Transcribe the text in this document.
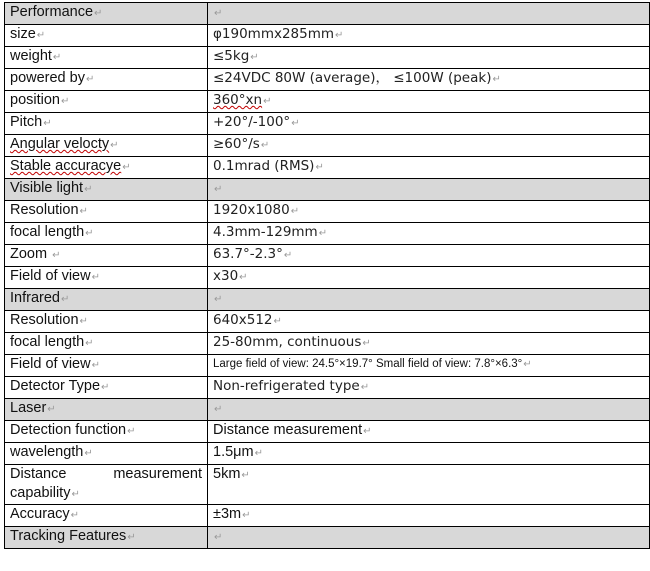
Performance↵	↵
size↵	φ190mmx285mm↵
weight↵	≤5kg↵
powered by↵	≤24VDC 80W (average)， ≤100W (peak)↵
position↵	360°xn↵
Pitch↵	+20°/-100°↵
Angular velocty↵	≥60°/s↵
Stable accuracye↵	0.1mrad (RMS)↵
Visible light↵	↵
Resolution↵	1920x1080↵
focal length↵	4.3mm-129mm↵
Zoom ↵	63.7°-2.3°↵
Field of view↵	x30↵
Infrared↵	↵
Resolution↵	640x512↵
focal length↵	25-80mm, continuous↵
Field of view↵	Large field of view: 24.5°×19.7° Small field of view: 7.8°×6.3°↵
Detector Type↵	Non-refrigerated type↵
Laser↵	↵
Detection function↵	Distance measurement↵
wavelength↵	1.5μm↵
Distance measurement capability↵	5km↵
Accuracy↵	±3m↵
Tracking Features↵	↵
